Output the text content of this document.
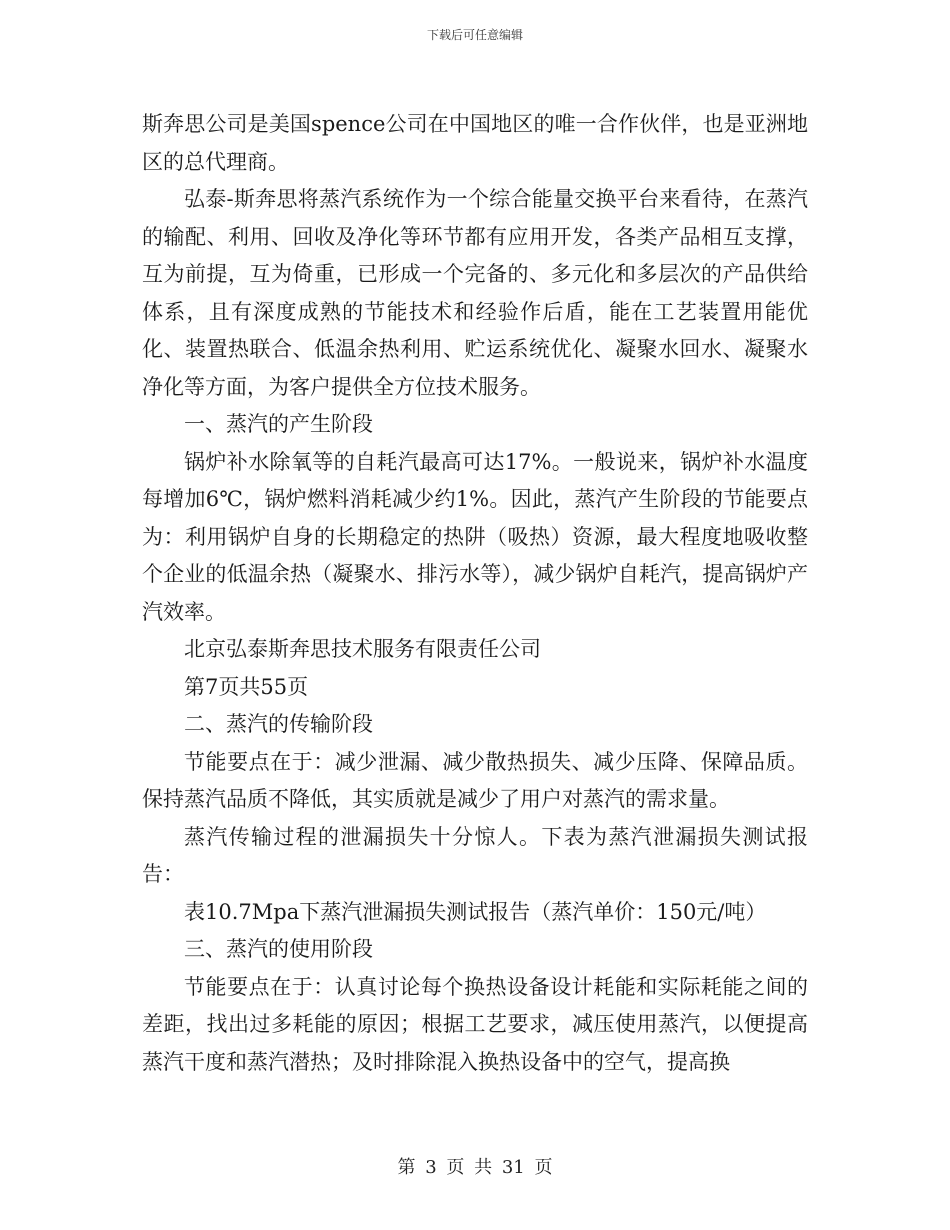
下载后可任意编辑

斯奔思公司是美国spence公司在中国地区的唯一合作伙伴，也是亚洲地区的总代理商。

弘泰-斯奔思将蒸汽系统作为一个综合能量交换平台来看待，在蒸汽的输配、利用、回收及净化等环节都有应用开发，各类产品相互支撑，互为前提，互为倚重，已形成一个完备的、多元化和多层次的产品供给体系，且有深度成熟的节能技术和经验作后盾，能在工艺装置用能优化、装置热联合、低温余热利用、贮运系统优化、凝聚水回水、凝聚水净化等方面，为客户提供全方位技术服务。

一、蒸汽的产生阶段

锅炉补水除氧等的自耗汽最高可达17%。一般说来，锅炉补水温度每增加6℃，锅炉燃料消耗减少约1%。因此，蒸汽产生阶段的节能要点为：利用锅炉自身的长期稳定的热阱（吸热）资源，最大程度地吸收整个企业的低温余热（凝聚水、排污水等），减少锅炉自耗汽，提高锅炉产汽效率。

北京弘泰斯奔思技术服务有限责任公司

第7页共55页

二、蒸汽的传输阶段

节能要点在于：减少泄漏、减少散热损失、减少压降、保障品质。保持蒸汽品质不降低，其实质就是减少了用户对蒸汽的需求量。

蒸汽传输过程的泄漏损失十分惊人。下表为蒸汽泄漏损失测试报告：

表10.7Mpa下蒸汽泄漏损失测试报告（蒸汽单价：150元/吨）

三、蒸汽的使用阶段

节能要点在于：认真讨论每个换热设备设计耗能和实际耗能之间的差距，找出过多耗能的原因；根据工艺要求，减压使用蒸汽，以便提高蒸汽干度和蒸汽潜热；及时排除混入换热设备中的空气，提高换

第 3 页 共 31 页
